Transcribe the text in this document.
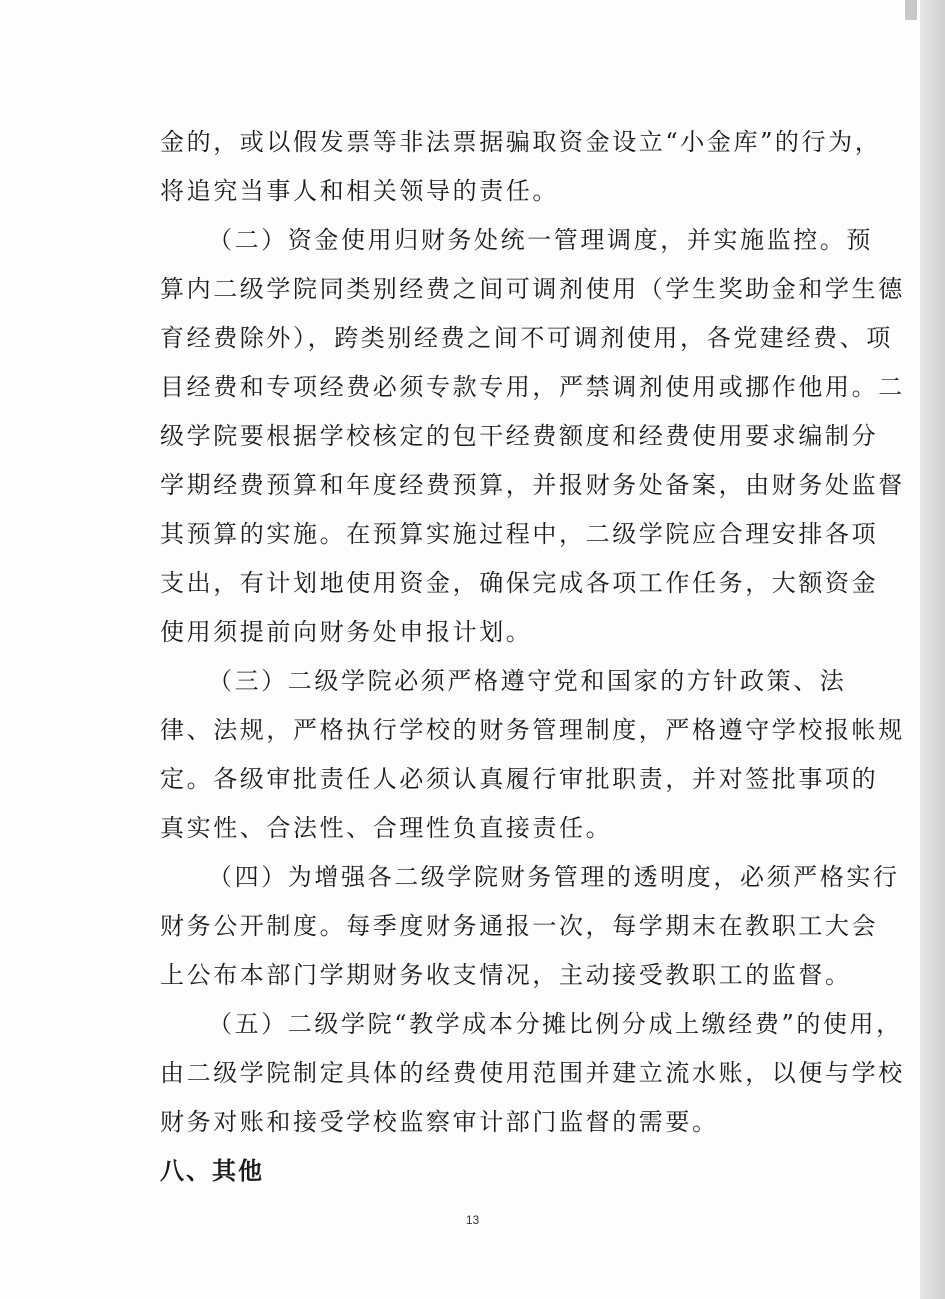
金的，或以假发票等非法票据骗取资金设立“小金库”的行为，
将追究当事人和相关领导的责任。
（二）资金使用归财务处统一管理调度，并实施监控。预
算内二级学院同类别经费之间可调剂使用（学生奖助金和学生德
育经费除外），跨类别经费之间不可调剂使用，各党建经费、项
目经费和专项经费必须专款专用，严禁调剂使用或挪作他用。二
级学院要根据学校核定的包干经费额度和经费使用要求编制分
学期经费预算和年度经费预算，并报财务处备案，由财务处监督
其预算的实施。在预算实施过程中，二级学院应合理安排各项
支出，有计划地使用资金，确保完成各项工作任务，大额资金
使用须提前向财务处申报计划。
（三）二级学院必须严格遵守党和国家的方针政策、法
律、法规，严格执行学校的财务管理制度，严格遵守学校报帐规
定。各级审批责任人必须认真履行审批职责，并对签批事项的
真实性、合法性、合理性负直接责任。
（四）为增强各二级学院财务管理的透明度，必须严格实行
财务公开制度。每季度财务通报一次，每学期末在教职工大会
上公布本部门学期财务收支情况，主动接受教职工的监督。
（五）二级学院“教学成本分摊比例分成上缴经费”的使用，
由二级学院制定具体的经费使用范围并建立流水账，以便与学校
财务对账和接受学校监察审计部门监督的需要。
八、其他
13
